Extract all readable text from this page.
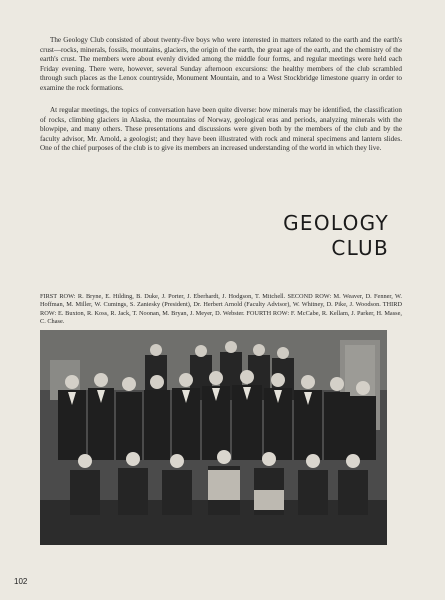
The Geology Club consisted of about twenty-five boys who were interested in matters related to the earth and the earth's crust—rocks, minerals, fossils, mountains, glaciers, the origin of the earth, the great age of the earth, and the chemistry of the earth's crust. The members were about evenly divided among the middle four forms, and regular meetings were held each Friday evening. There were, however, several Sunday afternoon excursions: the healthy members of the club scrambled through such places as the Lenox countryside, Monument Mountain, and to a West Stockbridge limestone quarry in order to examine the rock formations.

At regular meetings, the topics of conversation have been quite diverse: how minerals may be identified, the classification of rocks, climbing glaciers in Alaska, the mountains of Norway, geological eras and periods, analyzing minerals with the blowpipe, and many others. These presentations and discussions were given both by the members of the club and by the faculty advisor, Mr. Arnold, a geologist; and they have been illustrated with rock and mineral specimens and lantern slides. One of the chief purposes of the club is to give its members an increased understanding of the world in which they live.

GEOLOGY
CLUB

FIRST ROW: R. Bryne, E. Hilding, B. Duke, J. Porter, J. Eberhardt, J. Hodgson, T. Mitchell. SECOND ROW: M. Weaver, D. Fenner, W. Hoffman, M. Miller, W. Cumings, S. Zaniesky (President), Dr. Herbert Arnold (Faculty Advisor), W. Whitney, D. Pike, J. Woodson. THIRD ROW: E. Buxton, R. Koss, R. Jack, T. Noonan, M. Bryan, J. Meyer, D. Webster. FOURTH ROW: F. McCabe, R. Kellam, J. Parker, H. Masse, C. Chase.

102
